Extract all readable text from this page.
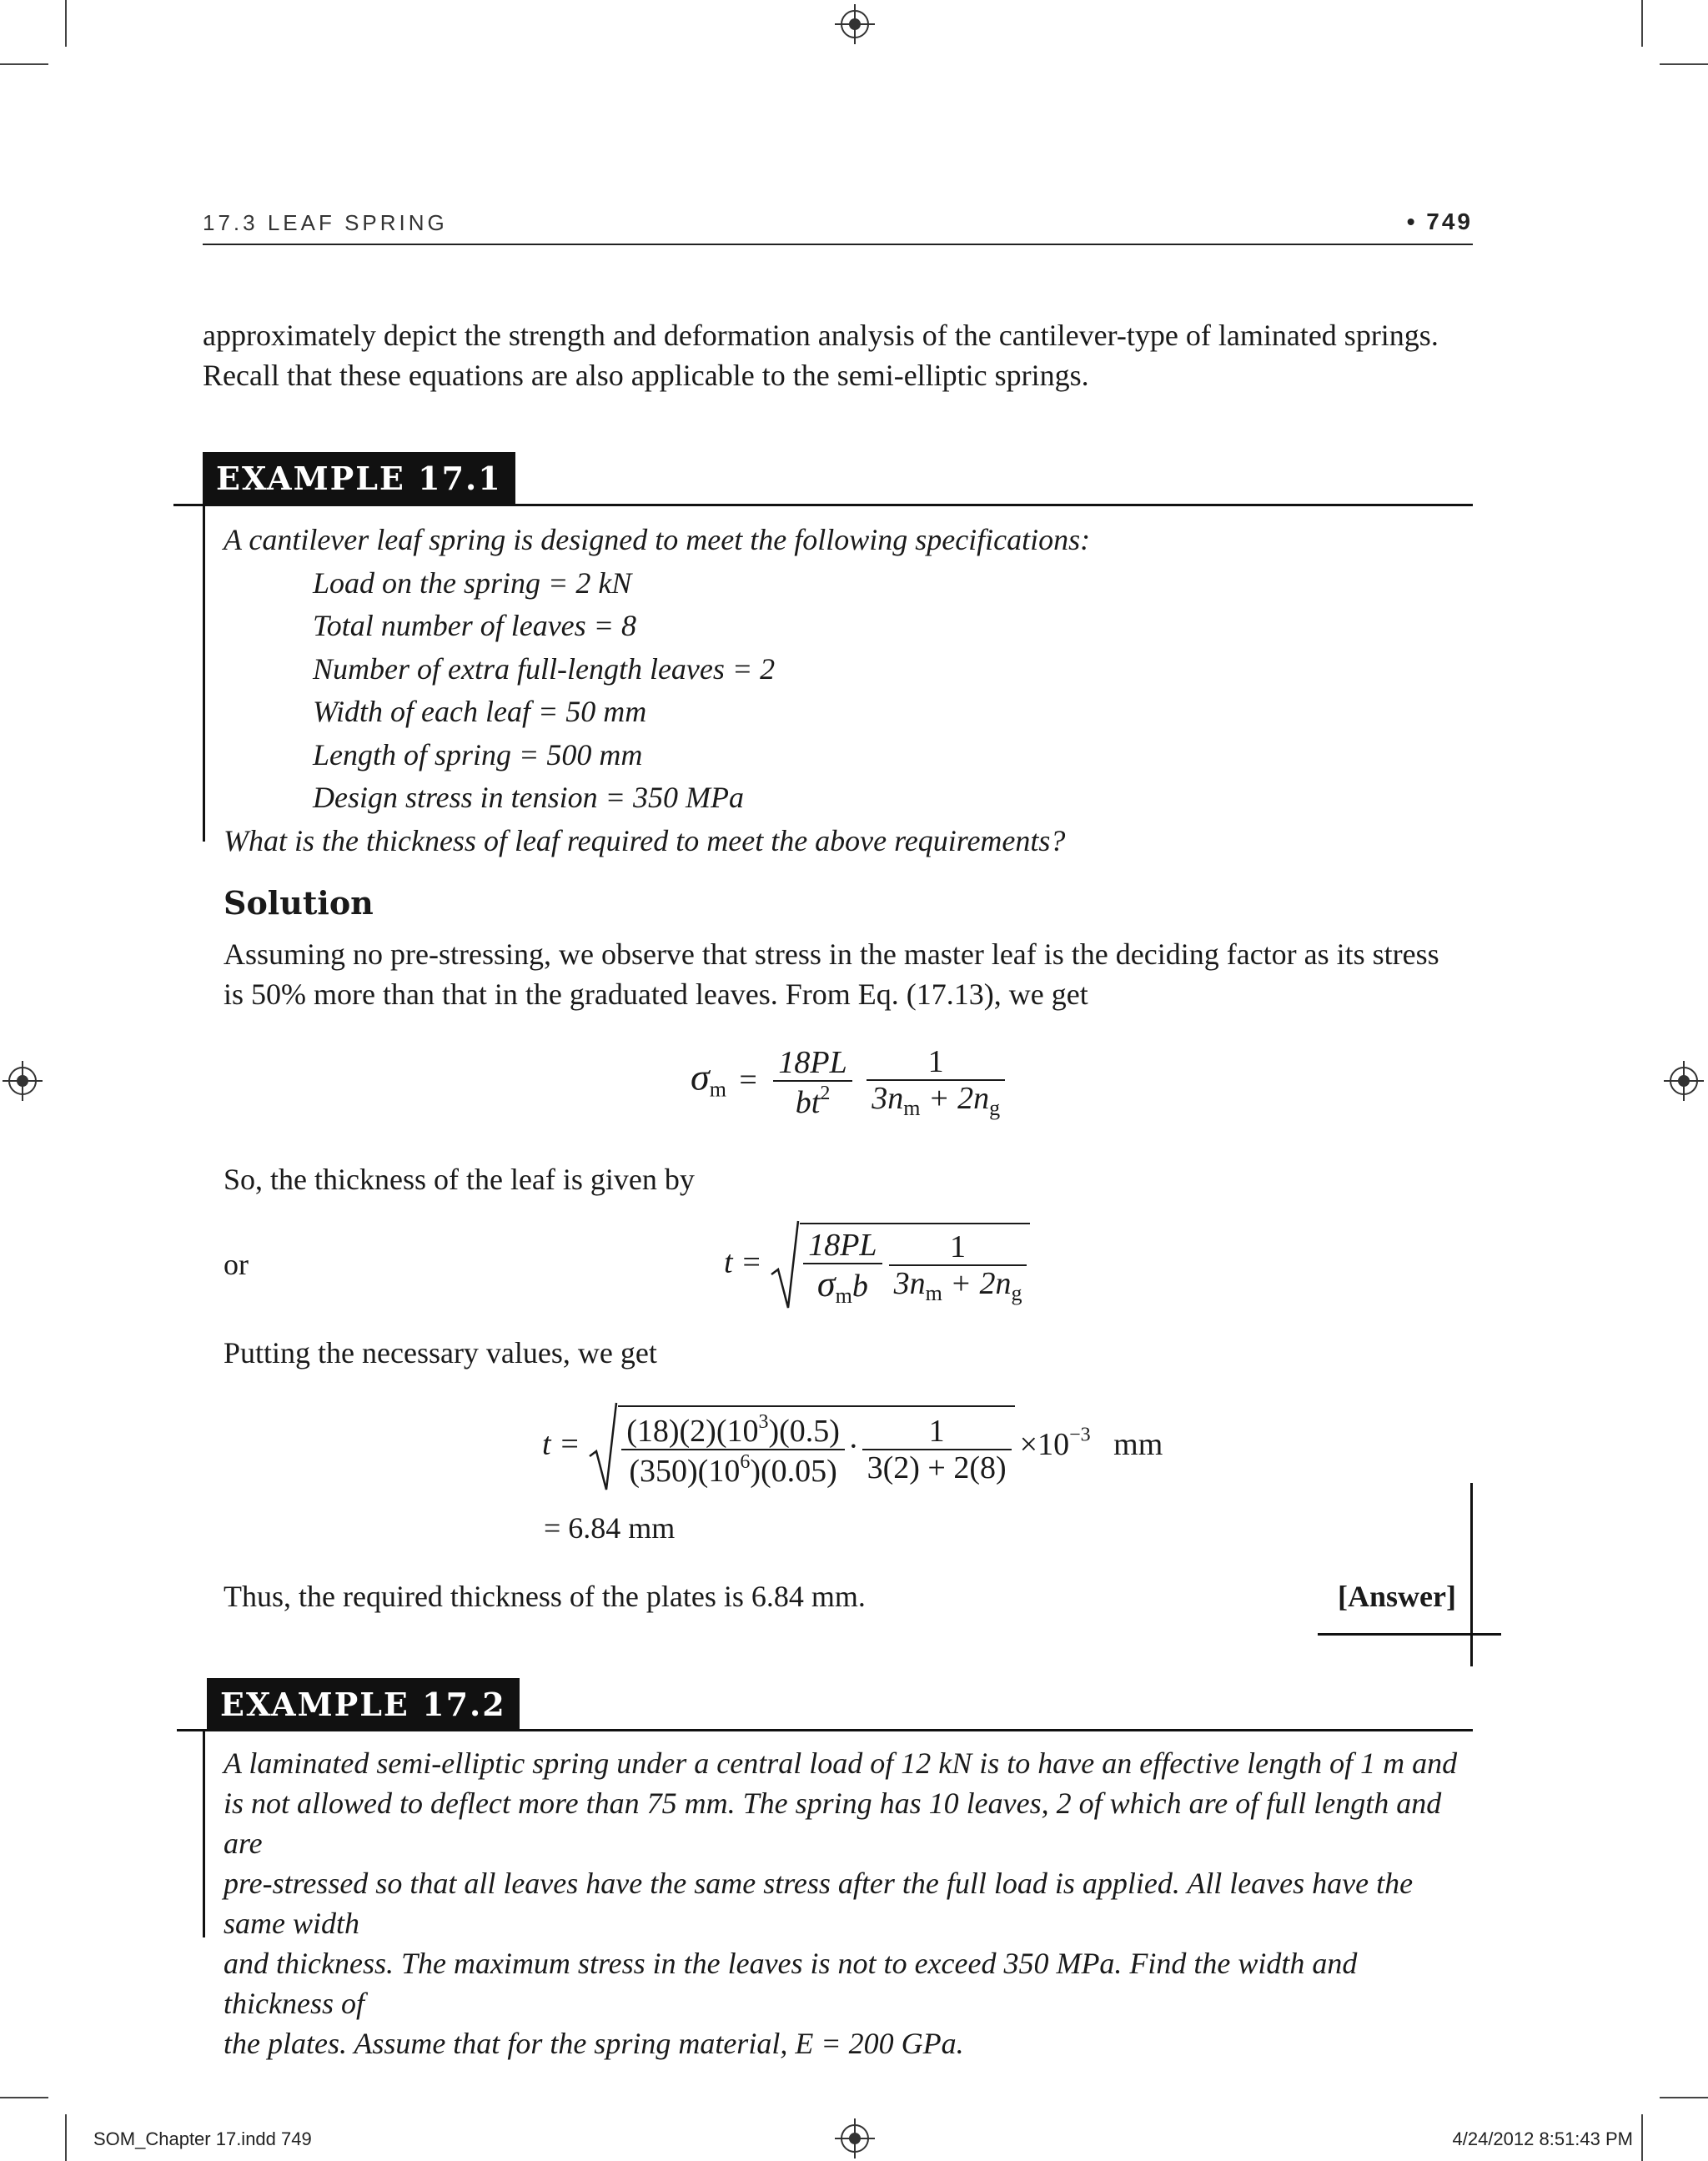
17.3 LEAF SPRING	• 749
approximately depict the strength and deformation analysis of the cantilever-type of laminated springs.
Recall that these equations are also applicable to the semi-elliptic springs.
EXAMPLE 17.1
A cantilever leaf spring is designed to meet the following specifications:
Load on the spring = 2 kN
Total number of leaves = 8
Number of extra full-length leaves = 2
Width of each leaf = 50 mm
Length of spring = 500 mm
Design stress in tension = 350 MPa
What is the thickness of leaf required to meet the above requirements?
Solution
Assuming no pre-stressing, we observe that stress in the master leaf is the deciding factor as its stress
is 50% more than that in the graduated leaves. From Eq. (17.13), we get
$\sigma_m = \frac{18PL}{bt^2}$
$\frac{1}{3n_m + 2n_g}$
So, the thickness of the leaf is given by
or	$t = \frac{18PL}{\sigma_mb} \frac{1}{3n_m + 2n_g}$
Putting the necessary values, we get
$t = \frac{(18)(2)(10^3)(0.5)}{(350)(10^6)(0.05)} \cdot \frac{1}{3(2) + 2(8)} \times 10^{-3}$ mm
= 6.84 mm
Thus, the required thickness of the plates is 6.84 mm.	[Answer]
EXAMPLE 17.2
A laminated semi-elliptic spring under a central load of 12 kN is to have an effective length of 1 m and
is not allowed to deflect more than 75 mm. The spring has 10 leaves, 2 of which are of full length and are
pre-stressed so that all leaves have the same stress after the full load is applied. All leaves have the same width
and thickness. The maximum stress in the leaves is not to exceed 350 MPa. Find the width and thickness of
the plates. Assume that for the spring material, E = 200 GPa.
SOM_Chapter 17.indd 749	4/24/2012 8:51:43 PM
